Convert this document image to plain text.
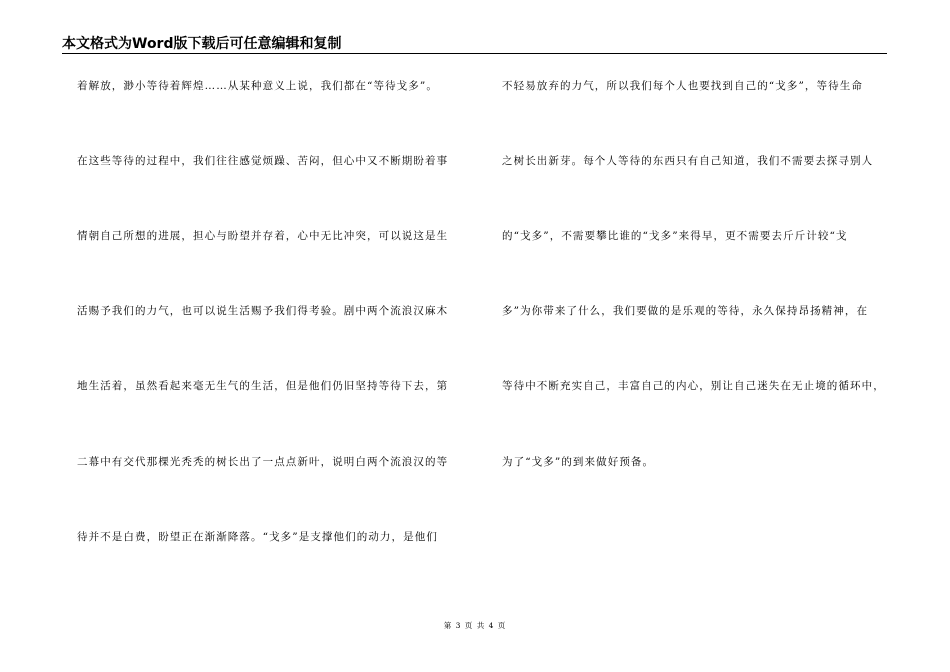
本文格式为Word版下载后可任意编辑和复制
着解放，渺小等待着辉煌……从某种意义上说，我们都在“等待戈多”。
在这些等待的过程中，我们往往感觉烦躁、苦闷，但心中又不断期盼着事
情朝自己所想的进展，担心与盼望并存着，心中无比冲突，可以说这是生
活赐予我们的力气，也可以说生活赐予我们得考验。剧中两个流浪汉麻木
地生活着，虽然看起来毫无生气的生活，但是他们仍旧坚持等待下去，第
二幕中有交代那棵光秃秃的树长出了一点点新叶，说明白两个流浪汉的等
待并不是白费，盼望正在渐渐降落。“戈多”是支撑他们的动力，是他们
不轻易放弃的力气，所以我们每个人也要找到自己的“戈多”，等待生命
之树长出新芽。每个人等待的东西只有自己知道，我们不需要去探寻别人
的“戈多”，不需要攀比谁的“戈多”来得早，更不需要去斤斤计较“戈
多”为你带来了什么，我们要做的是乐观的等待，永久保持昂扬精神，在
等待中不断充实自己，丰富自己的内心，别让自己迷失在无止境的循环中，
为了“戈多”的到来做好预备。
第 3 页 共 4 页
